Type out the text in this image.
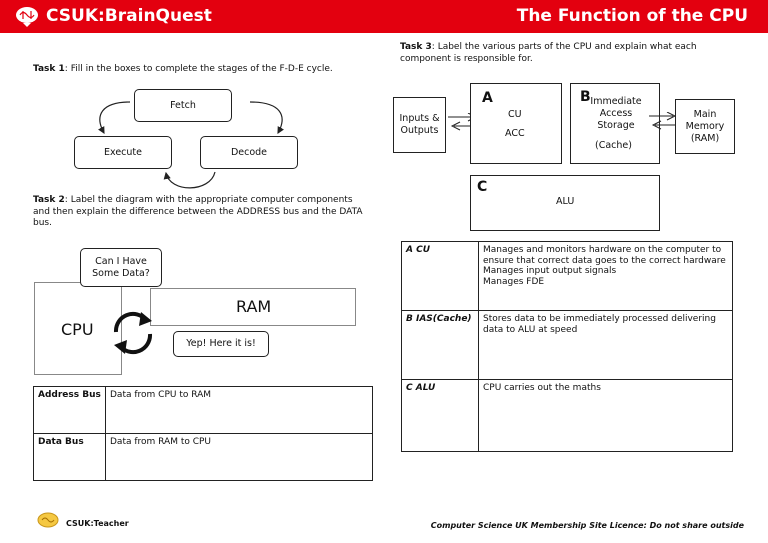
CSUK:BrainQuest	The Function of the CPU
Task 1: Fill in the boxes to complete the stages of the F-D-E cycle.
Fetch
Execute	Decode
Task 2: Label the diagram with the appropriate computer components and then explain the difference between the ADDRESS bus and the DATA bus.
RAM
CPU
Can I Have Some Data?
Yep! Here it is!
Address Bus	Data from CPU to RAM
Data Bus	Data from RAM to CPU
Task 3: Label the various parts of the CPU and explain what each component is responsible for.
Inputs & Outputs
A
CU
ACC
B Immediate Access Storage
(Cache)
Main Memory (RAM)
C
ALU
A CU	Manages and monitors hardware on the computer to ensure that correct data goes to the correct hardware
Manages input output signals
Manages FDE
B IAS(Cache)	Stores data to be immediately processed delivering data to ALU at speed
C ALU	CPU carries out the maths
CSUK:Teacher	Computer Science UK Membership Site Licence: Do not share outside
